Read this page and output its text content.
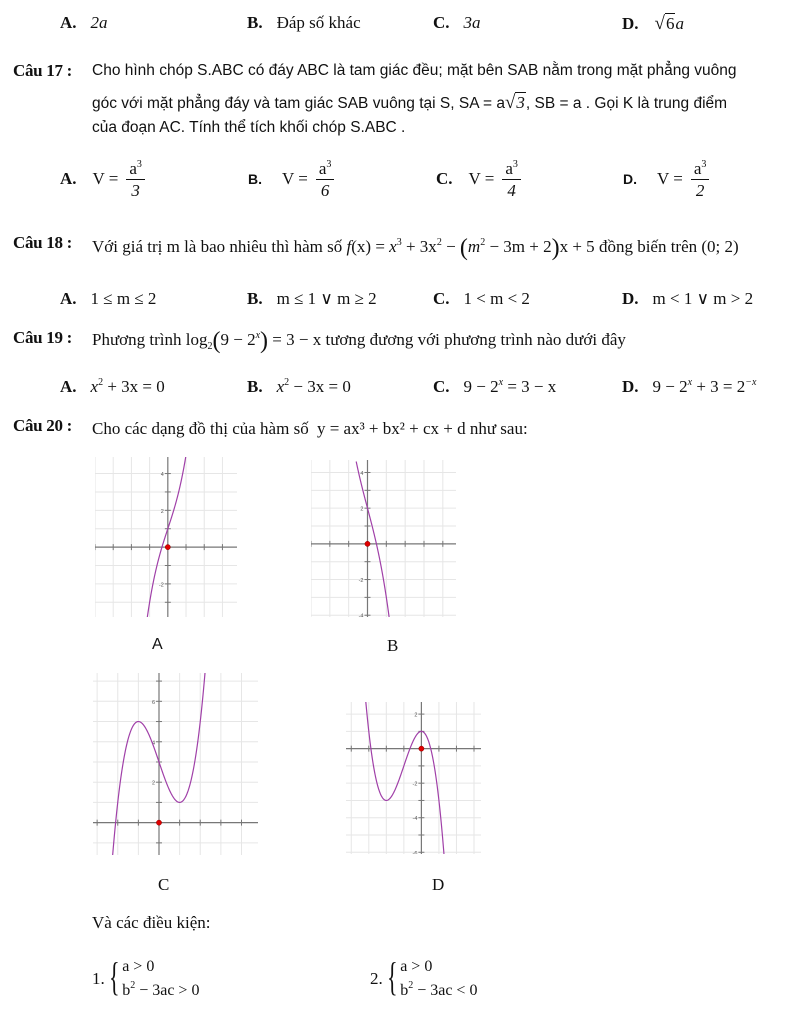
A. 2a	B. Đáp số khác	C. 3a	D. √6a
Câu 17 : Cho hình chóp S.ABC có đáy ABC là tam giác đều; mặt bên SAB nằm trong mặt phẳng vuông
góc với mặt phẳng đáy và tam giác SAB vuông tại S, SA = a√3, SB = a . Gọi K là trung điểm
của đoạn AC. Tính thể tích khối chóp S.ABC .
A. $V = \frac{a^3}{3}$	B. $V = \frac{a^3}{6}$	C. $V = \frac{a^3}{4}$	D. $V = \frac{a^3}{2}$
Câu 18 : Với giá trị m là bao nhiêu thì hàm số $f(x) = x^3 + 3x^2 - (m^2 - 3m + 2)x + 5$ đồng biến trên (0; 2)
A. 1 ≤ m ≤ 2	B. m ≤ 1 ∨ m ≥ 2	C. 1 < m < 2	D. m < 1 ∨ m > 2
Câu 19 : Phương trình $\log_2(9 - 2^x) = 3 - x$ tương đương với phương trình nào dưới đây
A. $x^2 + 3x = 0$	B. $x^2 - 3x = 0$	C. $9 - 2^x = 3 - x$	D. $9 - 2^x + 3 = 2^{-x}$
Câu 20 : Cho các dạng đồ thị của hàm số y = ax³ + bx² + cx + d như sau:
-2
2
4
A
-4
-2
2
4
B
2
4
6
C
-6
-4
-2
2
D
Và các điều kiện:
1. { a > 0
$b^2 - 3ac > 0$
2. { a > 0
$b^2 - 3ac < 0$
